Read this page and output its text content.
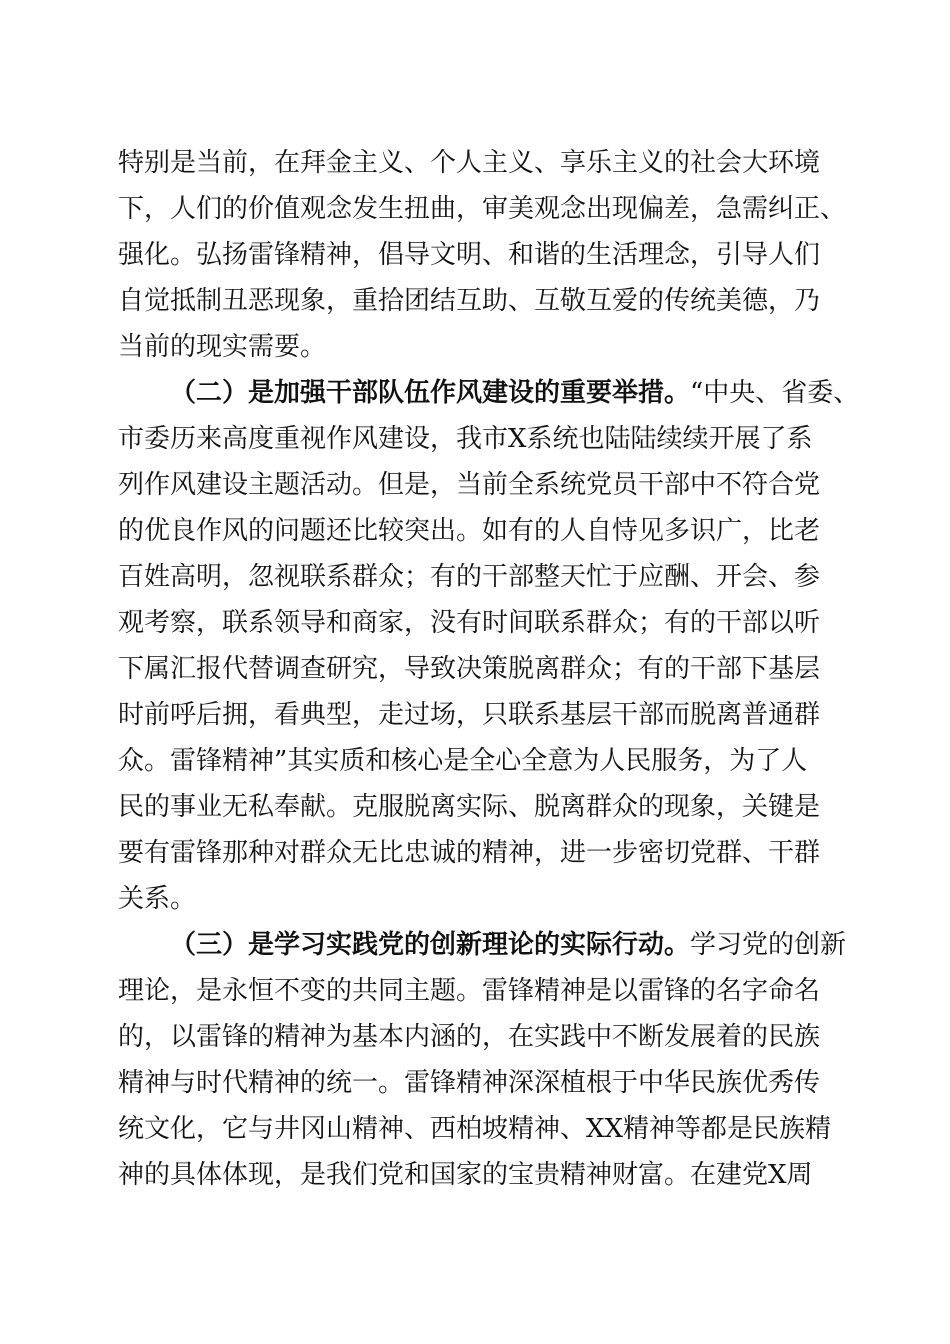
特别是当前，在拜金主义、个人主义、享乐主义的社会大环境
下，人们的价值观念发生扭曲，审美观念出现偏差，急需纠正、
强化。弘扬雷锋精神，倡导文明、和谐的生活理念，引导人们
自觉抵制丑恶现象，重拾团结互助、互敬互爱的传统美德，乃
当前的现实需要。
（二）是加强干部队伍作风建设的重要举措。“中央、省委、
市委历来高度重视作风建设，我市X系统也陆陆续续开展了系
列作风建设主题活动。但是，当前全系统党员干部中不符合党
的优良作风的问题还比较突出。如有的人自恃见多识广，比老
百姓高明，忽视联系群众；有的干部整天忙于应酬、开会、参
观考察，联系领导和商家，没有时间联系群众；有的干部以听
下属汇报代替调查研究，导致决策脱离群众；有的干部下基层
时前呼后拥，看典型，走过场，只联系基层干部而脱离普通群
众。雷锋精神”其实质和核心是全心全意为人民服务，为了人
民的事业无私奉献。克服脱离实际、脱离群众的现象，关键是
要有雷锋那种对群众无比忠诚的精神，进一步密切党群、干群
关系。
（三）是学习实践党的创新理论的实际行动。学习党的创新
理论，是永恒不变的共同主题。雷锋精神是以雷锋的名字命名
的，以雷锋的精神为基本内涵的，在实践中不断发展着的民族
精神与时代精神的统一。雷锋精神深深植根于中华民族优秀传
统文化，它与井冈山精神、西柏坡精神、XX精神等都是民族精
神的具体体现，是我们党和国家的宝贵精神财富。在建党X周
